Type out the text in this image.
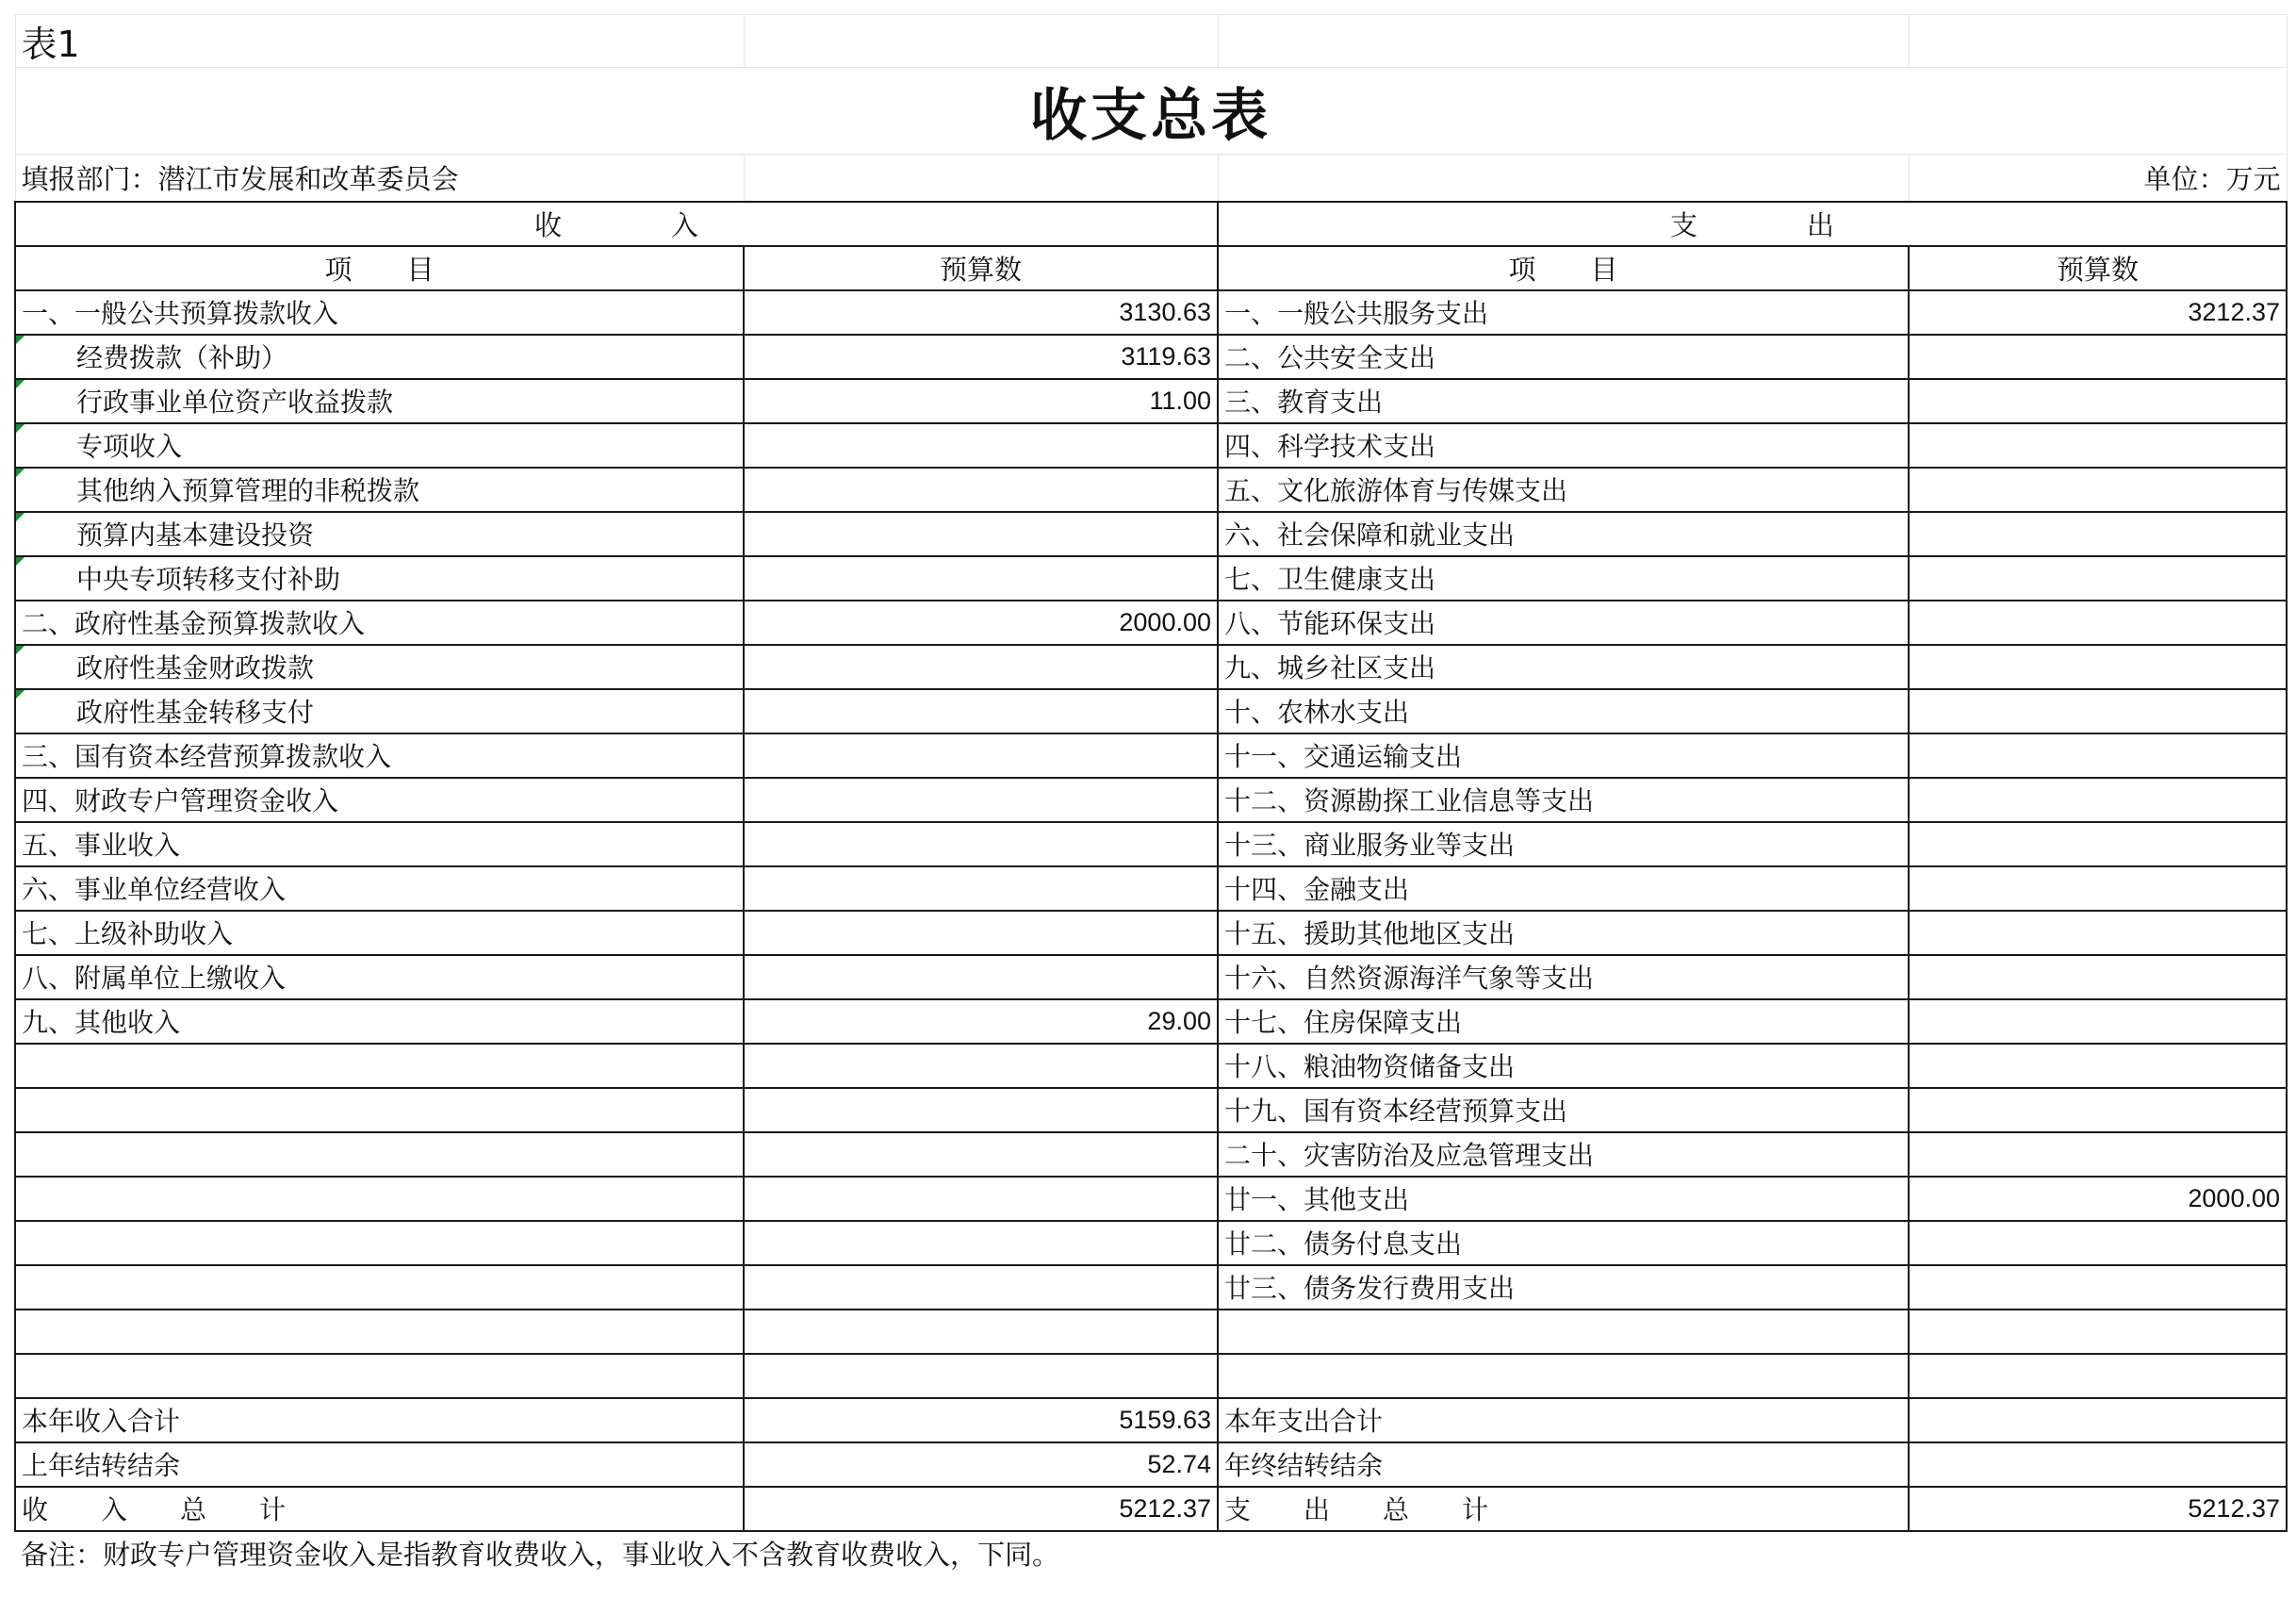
表1			
收支总表			
填报部门：潜江市发展和改革委员会			单位：万元
收　　　　入		支　　　　出	
项　　目	预算数	项　　目	预算数
一、一般公共预算拨款收入	3130.63	一、一般公共服务支出	3212.37

经费拨款（补助）	3119.63	二、公共安全支出	

行政事业单位资产收益拨款	11.00	三、教育支出	

专项收入		四、科学技术支出	

其他纳入预算管理的非税拨款		五、文化旅游体育与传媒支出	

预算内基本建设投资		六、社会保障和就业支出	

中央专项转移支付补助		七、卫生健康支出	
二、政府性基金预算拨款收入	2000.00	八、节能环保支出	

政府性基金财政拨款		九、城乡社区支出	

政府性基金转移支付		十、农林水支出	
三、国有资本经营预算拨款收入		十一、交通运输支出	
四、财政专户管理资金收入		十二、资源勘探工业信息等支出	
五、事业收入		十三、商业服务业等支出	
六、事业单位经营收入		十四、金融支出	
七、上级补助收入		十五、援助其他地区支出	
八、附属单位上缴收入		十六、自然资源海洋气象等支出	
九、其他收入	29.00	十七、住房保障支出	
		十八、粮油物资储备支出	
		十九、国有资本经营预算支出	
		二十、灾害防治及应急管理支出	
		廿一、其他支出	2000.00
		廿二、债务付息支出	
		廿三、债务发行费用支出	

本年收入合计	5159.63	本年支出合计	
上年结转结余	52.74	年终结转结余	
收　　入　　总　　计	5212.37	支　　出　　总　　计	5212.37
备注：财政专户管理资金收入是指教育收费收入，事业收入不含教育收费收入，下同。			
